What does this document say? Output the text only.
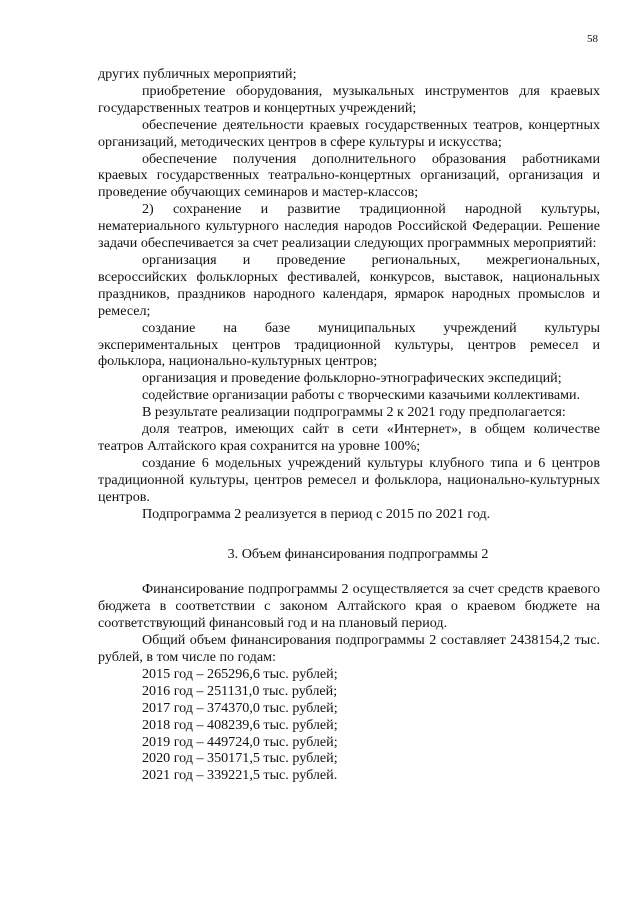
58

других публичных мероприятий;

приобретение оборудования, музыкальных инструментов для краевых государственных театров и концертных учреждений;

обеспечение деятельности краевых государственных театров, концертных организаций, методических центров в сфере культуры и искусства;

обеспечение получения дополнительного образования работниками краевых государственных театрально-концертных организаций, организация и проведение обучающих семинаров и мастер-классов;

2) сохранение и развитие традиционной народной культуры, нематериального культурного наследия народов Российской Федерации. Решение задачи обеспечивается за счет реализации следующих программных мероприятий:

организация и проведение региональных, межрегиональных, всероссийских фольклорных фестивалей, конкурсов, выставок, национальных праздников, праздников народного календаря, ярмарок народных промыслов и ремесел;

создание на базе муниципальных учреждений культуры экспериментальных центров традиционной культуры, центров ремесел и фольклора, национально-культурных центров;

организация и проведение фольклорно-этнографических экспедиций;

содействие организации работы с творческими казачьими коллективами.

В результате реализации подпрограммы 2 к 2021 году предполагается:

доля театров, имеющих сайт в сети «Интернет», в общем количестве театров Алтайского края сохранится на уровне 100%;

создание 6 модельных учреждений культуры клубного типа и 6 центров традиционной культуры, центров ремесел и фольклора, национально-культурных центров.

Подпрограмма 2 реализуется в период с 2015 по 2021 год.

3. Объем финансирования подпрограммы 2

Финансирование подпрограммы 2 осуществляется за счет средств краевого бюджета в соответствии с законом Алтайского края о краевом бюджете на соответствующий финансовый год и на плановый период.

Общий объем финансирования подпрограммы 2 составляет 2438154,2 тыс. рублей, в том числе по годам:

2015 год – 265296,6 тыс. рублей;

2016 год – 251131,0 тыс. рублей;

2017 год – 374370,0 тыс. рублей;

2018 год – 408239,6 тыс. рублей;

2019 год – 449724,0 тыс. рублей;

2020 год – 350171,5 тыс. рублей;

2021 год – 339221,5 тыс. рублей.
